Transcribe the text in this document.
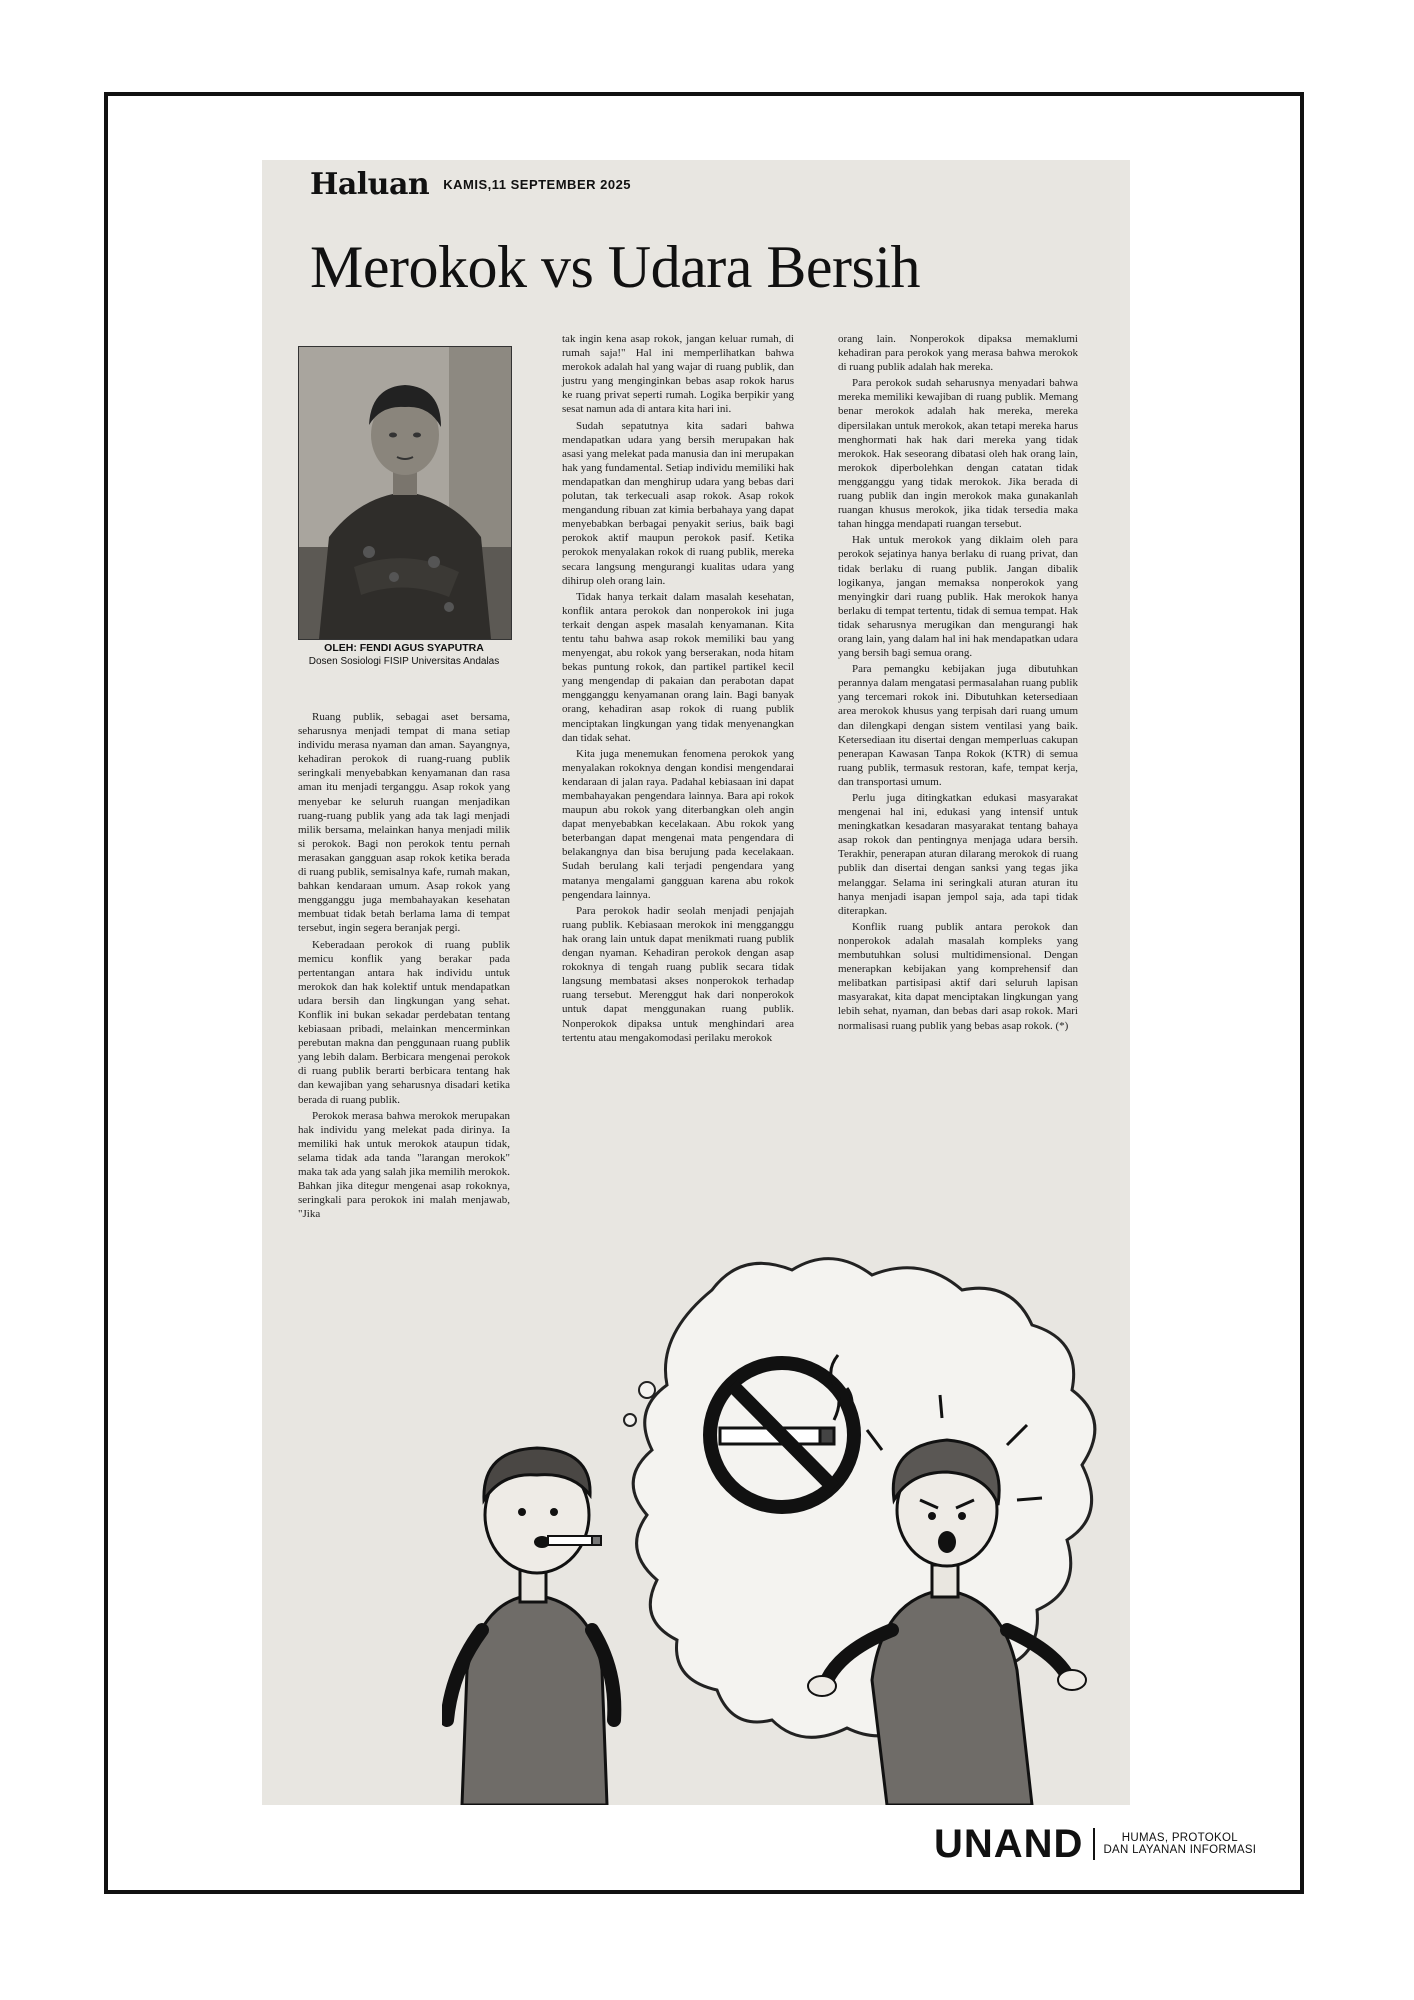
Haluan KAMIS,11 SEPTEMBER 2025
Merokok vs Udara Bersih
OLEH: FENDI AGUS SYAPUTRA
Dosen Sosiologi FISIP Universitas Andalas

Ruang publik, sebagai aset bersama, seharusnya menjadi tempat di mana setiap individu merasa nyaman dan aman. Sayangnya, kehadiran perokok di ruang-ruang publik seringkali menyebabkan kenyamanan dan rasa aman itu menjadi terganggu. Asap rokok yang menyebar ke seluruh ruangan menjadikan ruang-ruang publik yang ada tak lagi menjadi milik bersama, melainkan hanya menjadi milik si perokok. Bagi non perokok tentu pernah merasakan gangguan asap rokok ketika berada di ruang publik, semisalnya kafe, rumah makan, bahkan kendaraan umum. Asap rokok yang mengganggu juga membahayakan kesehatan membuat tidak betah berlama lama di tempat tersebut, ingin segera beranjak pergi.

Keberadaan perokok di ruang publik memicu konflik yang berakar pada pertentangan antara hak individu untuk merokok dan hak kolektif untuk mendapatkan udara bersih dan lingkungan yang sehat. Konflik ini bukan sekadar perdebatan tentang kebiasaan pribadi, melainkan mencerminkan perebutan makna dan penggunaan ruang publik yang lebih dalam. Berbicara mengenai perokok di ruang publik berarti berbicara tentang hak dan kewajiban yang seharusnya disadari ketika berada di ruang publik.

Perokok merasa bahwa merokok merupakan hak individu yang melekat pada dirinya. Ia memiliki hak untuk merokok ataupun tidak, selama tidak ada tanda "larangan merokok" maka tak ada yang salah jika memilih merokok. Bahkan jika ditegur mengenai asap rokoknya, seringkali para perokok ini malah menjawab, "Jika

tak ingin kena asap rokok, jangan keluar rumah, di rumah saja!" Hal ini memperlihatkan bahwa merokok adalah hal yang wajar di ruang publik, dan justru yang menginginkan bebas asap rokok harus ke ruang privat seperti rumah. Logika berpikir yang sesat namun ada di antara kita hari ini.

Sudah sepatutnya kita sadari bahwa mendapatkan udara yang bersih merupakan hak asasi yang melekat pada manusia dan ini merupakan hak yang fundamental. Setiap individu memiliki hak mendapatkan dan menghirup udara yang bebas dari polutan, tak terkecuali asap rokok. Asap rokok mengandung ribuan zat kimia berbahaya yang dapat menyebabkan berbagai penyakit serius, baik bagi perokok aktif maupun perokok pasif. Ketika perokok menyalakan rokok di ruang publik, mereka secara langsung mengurangi kualitas udara yang dihirup oleh orang lain.

Tidak hanya terkait dalam masalah kesehatan, konflik antara perokok dan nonperokok ini juga terkait dengan aspek masalah kenyamanan. Kita tentu tahu bahwa asap rokok memiliki bau yang menyengat, abu rokok yang berserakan, noda hitam bekas puntung rokok, dan partikel partikel kecil yang mengendap di pakaian dan perabotan dapat mengganggu kenyamanan orang lain. Bagi banyak orang, kehadiran asap rokok di ruang publik menciptakan lingkungan yang tidak menyenangkan dan tidak sehat.

Kita juga menemukan fenomena perokok yang menyalakan rokoknya dengan kondisi mengendarai kendaraan di jalan raya. Padahal kebiasaan ini dapat membahayakan pengendara lainnya. Bara api rokok maupun abu rokok yang diterbangkan oleh angin dapat menyebabkan kecelakaan. Abu rokok yang beterbangan dapat mengenai mata pengendara di belakangnya dan bisa berujung pada kecelakaan. Sudah berulang kali terjadi pengendara yang matanya mengalami gangguan karena abu rokok pengendara lainnya.

Para perokok hadir seolah menjadi penjajah ruang publik. Kebiasaan merokok ini mengganggu hak orang lain untuk dapat menikmati ruang publik dengan nyaman. Kehadiran perokok dengan asap rokoknya di tengah ruang publik secara tidak langsung membatasi akses nonperokok terhadap ruang tersebut. Merenggut hak dari nonperokok untuk dapat menggunakan ruang publik. Nonperokok dipaksa untuk menghindari area tertentu atau mengakomodasi perilaku merokok

orang lain. Nonperokok dipaksa memaklumi kehadiran para perokok yang merasa bahwa merokok di ruang publik adalah hak mereka.

Para perokok sudah seharusnya menyadari bahwa mereka memiliki kewajiban di ruang publik. Memang benar merokok adalah hak mereka, mereka dipersilakan untuk merokok, akan tetapi mereka harus menghormati hak hak dari mereka yang tidak merokok. Hak seseorang dibatasi oleh hak orang lain, merokok diperbolehkan dengan catatan tidak mengganggu yang tidak merokok. Jika berada di ruang publik dan ingin merokok maka gunakanlah ruangan khusus merokok, jika tidak tersedia maka tahan hingga mendapati ruangan tersebut.

Hak untuk merokok yang diklaim oleh para perokok sejatinya hanya berlaku di ruang privat, dan tidak berlaku di ruang publik. Jangan dibalik logikanya, jangan memaksa nonperokok yang menyingkir dari ruang publik. Hak merokok hanya berlaku di tempat tertentu, tidak di semua tempat. Hak tidak seharusnya merugikan dan mengurangi hak orang lain, yang dalam hal ini hak mendapatkan udara yang bersih bagi semua orang.

Para pemangku kebijakan juga dibutuhkan perannya dalam mengatasi permasalahan ruang publik yang tercemari rokok ini. Dibutuhkan ketersediaan area merokok khusus yang terpisah dari ruang umum dan dilengkapi dengan sistem ventilasi yang baik. Ketersediaan itu disertai dengan memperluas cakupan penerapan Kawasan Tanpa Rokok (KTR) di semua ruang publik, termasuk restoran, kafe, tempat kerja, dan transportasi umum.

Perlu juga ditingkatkan edukasi masyarakat mengenai hal ini, edukasi yang intensif untuk meningkatkan kesadaran masyarakat tentang bahaya asap rokok dan pentingnya menjaga udara bersih. Terakhir, penerapan aturan dilarang merokok di ruang publik dan disertai dengan sanksi yang tegas jika melanggar. Selama ini seringkali aturan aturan itu hanya menjadi isapan jempol saja, ada tapi tidak diterapkan.

Konflik ruang publik antara perokok dan nonperokok adalah masalah kompleks yang membutuhkan solusi multidimensional. Dengan menerapkan kebijakan yang komprehensif dan melibatkan partisipasi aktif dari seluruh lapisan masyarakat, kita dapat menciptakan lingkungan yang lebih sehat, nyaman, dan bebas dari asap rokok. Mari normalisasi ruang publik yang bebas asap rokok. (*)

UNAND	HUMAS, PROTOKOL
DAN LAYANAN INFORMASI
